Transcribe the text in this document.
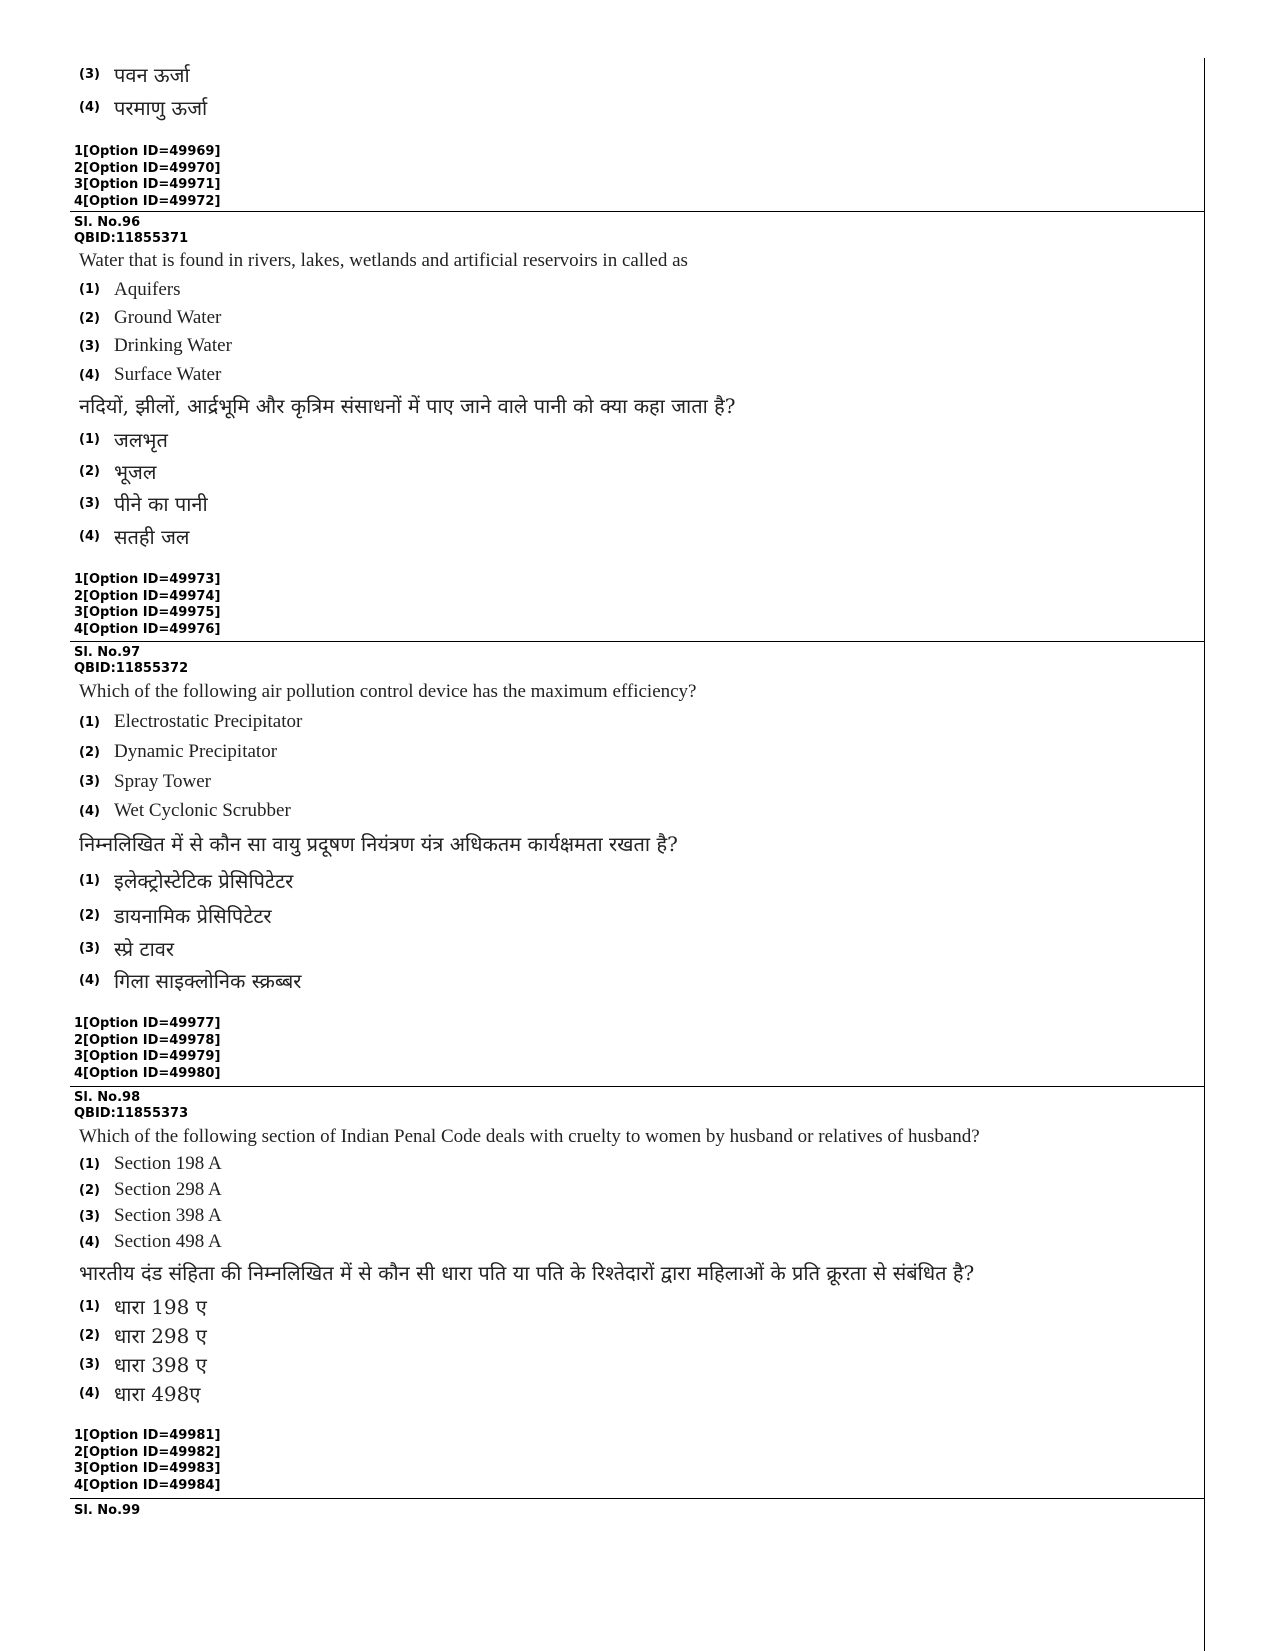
(3) पवन ऊर्जा
(4) परमाणु ऊर्जा
1[Option ID=49969]
2[Option ID=49970]
3[Option ID=49971]
4[Option ID=49972]
Sl. No.96
QBID:11855371
Water that is found in rivers, lakes, wetlands and artificial reservoirs in called as
(1) Aquifers
(2) Ground Water
(3) Drinking Water
(4) Surface Water
नदियों, झीलों, आर्द्रभूमि और कृत्रिम संसाधनों में पाए जाने वाले पानी को क्या कहा जाता है?
(1) जलभृत
(2) भूजल
(3) पीने का पानी
(4) सतही जल
1[Option ID=49973]
2[Option ID=49974]
3[Option ID=49975]
4[Option ID=49976]
Sl. No.97
QBID:11855372
Which of the following air pollution control device has the maximum efficiency?
(1) Electrostatic Precipitator
(2) Dynamic Precipitator
(3) Spray Tower
(4) Wet Cyclonic Scrubber
निम्नलिखित में से कौन सा वायु प्रदूषण नियंत्रण यंत्र अधिकतम कार्यक्षमता रखता है?
(1) इलेक्ट्रोस्टेटिक प्रेसिपिटेटर
(2) डायनामिक प्रेसिपिटेटर
(3) स्प्रे टावर
(4) गिला साइक्लोनिक स्क्रब्बर
1[Option ID=49977]
2[Option ID=49978]
3[Option ID=49979]
4[Option ID=49980]
Sl. No.98
QBID:11855373
Which of the following section of Indian Penal Code deals with cruelty to women by husband or relatives of husband?
(1) Section 198 A
(2) Section 298 A
(3) Section 398 A
(4) Section 498 A
भारतीय दंड संहिता की निम्नलिखित में से कौन सी धारा पति या पति के रिश्तेदारों द्वारा महिलाओं के प्रति क्रूरता से संबंधित है?
(1) धारा 198 ए
(2) धारा 298 ए
(3) धारा 398 ए
(4) धारा 498ए
1[Option ID=49981]
2[Option ID=49982]
3[Option ID=49983]
4[Option ID=49984]
Sl. No.99
